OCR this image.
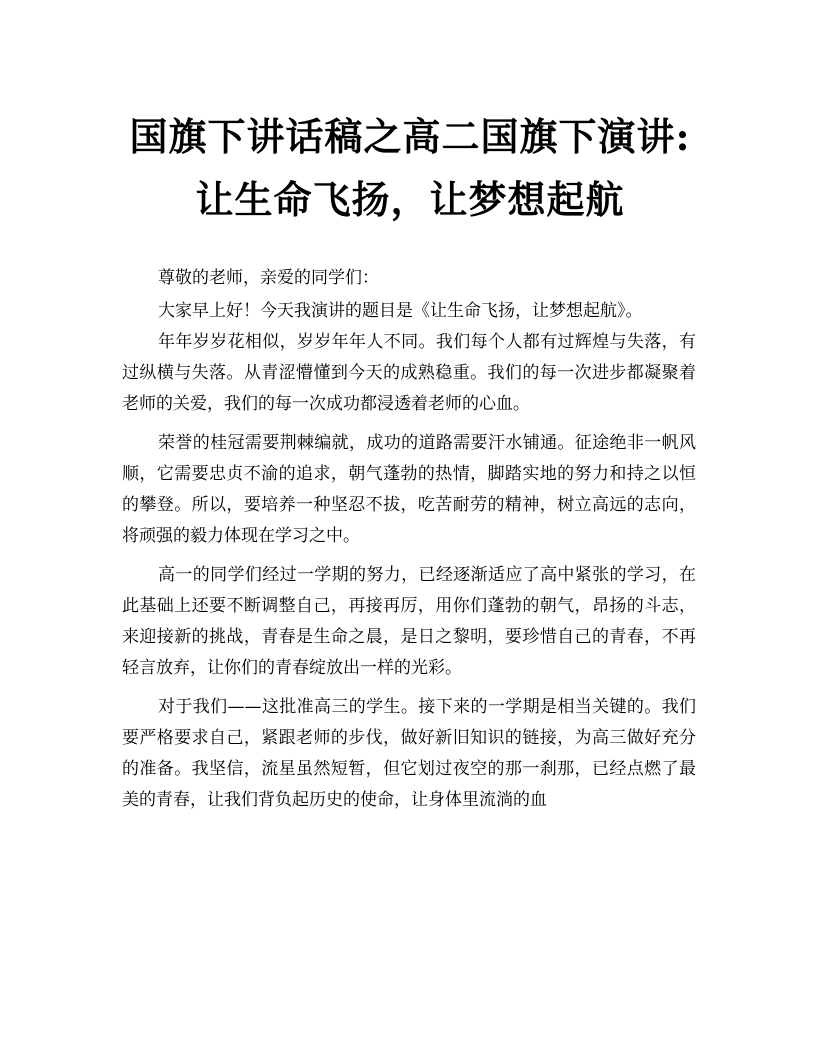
国旗下讲话稿之高二国旗下演讲:让生命飞扬，让梦想起航

尊敬的老师，亲爱的同学们：

大家早上好！今天我演讲的题目是《让生命飞扬，让梦想起航》。

年年岁岁花相似，岁岁年年人不同。我们每个人都有过辉煌与失落，有过纵横与失落。从青涩懵懂到今天的成熟稳重。我们的每一次进步都凝聚着老师的关爱，我们的每一次成功都浸透着老师的心血。

荣誉的桂冠需要荆棘编就，成功的道路需要汗水铺通。征途绝非一帆风顺，它需要忠贞不渝的追求，朝气蓬勃的热情，脚踏实地的努力和持之以恒的攀登。所以，要培养一种坚忍不拔，吃苦耐劳的精神，树立高远的志向，将顽强的毅力体现在学习之中。

高一的同学们经过一学期的努力，已经逐渐适应了高中紧张的学习，在此基础上还要不断调整自己，再接再厉，用你们蓬勃的朝气，昂扬的斗志，来迎接新的挑战，青春是生命之晨，是日之黎明，要珍惜自己的青春，不再轻言放弃，让你们的青春绽放出一样的光彩。

对于我们——这批准高三的学生。接下来的一学期是相当关键的。我们要严格要求自己，紧跟老师的步伐，做好新旧知识的链接，为高三做好充分的准备。我坚信，流星虽然短暂，但它划过夜空的那一刹那，已经点燃了最美的青春，让我们背负起历史的使命，让身体里流淌的血
